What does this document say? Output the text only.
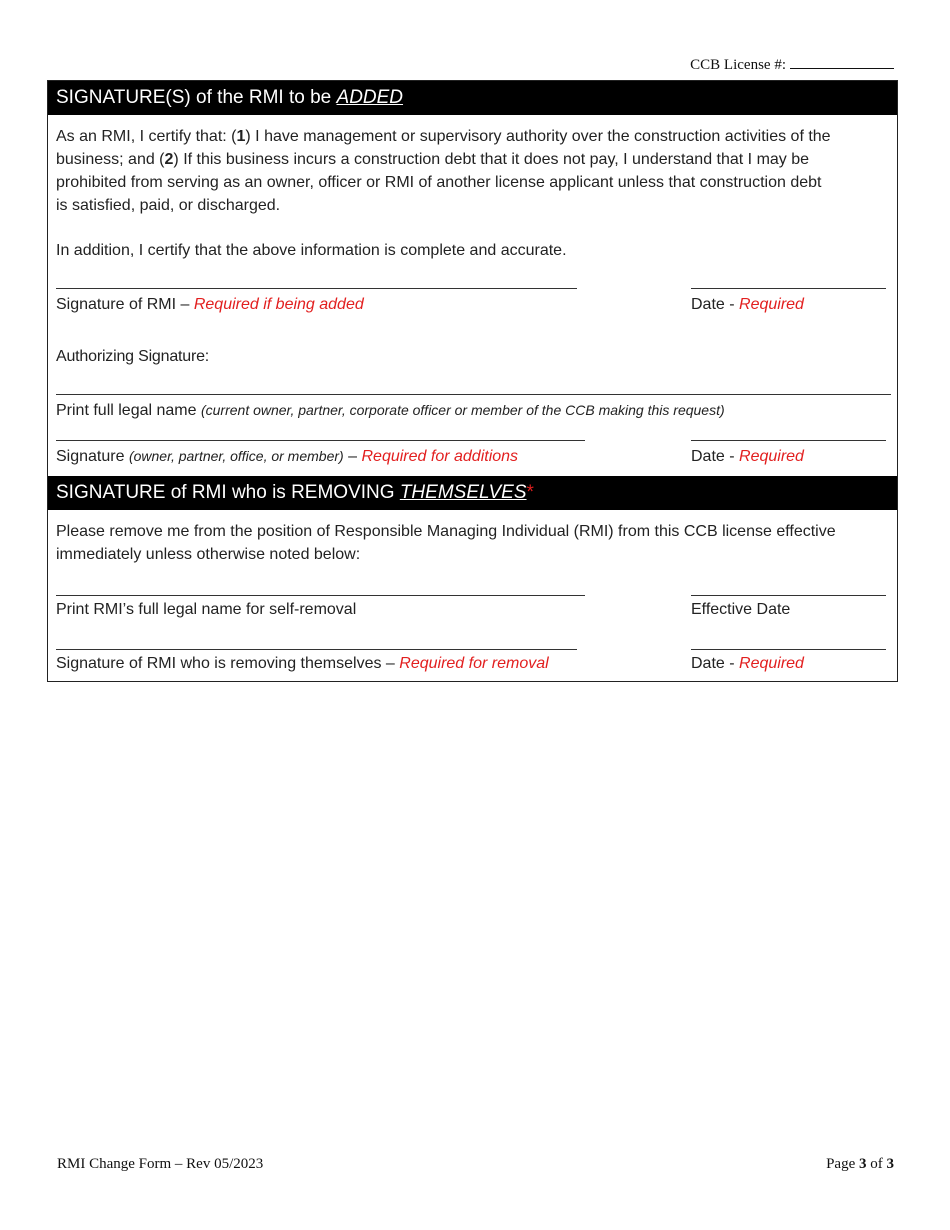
CCB License #:
SIGNATURE(S) of the RMI to be ADDED
As an RMI, I certify that: (1) I have management or supervisory authority over the construction activities of the
business; and (2) If this business incurs a construction debt that it does not pay, I understand that I may be
prohibited from serving as an owner, officer or RMI of another license applicant unless that construction debt
is satisfied, paid, or discharged.
In addition, I certify that the above information is complete and accurate.
Signature of RMI – Required if being added	Date - Required
Authorizing Signature:
Print full legal name (current owner, partner, corporate officer or member of the CCB making this request)
Signature (owner, partner, office, or member) – Required for additions	Date - Required
SIGNATURE of RMI who is REMOVING THEMSELVES*
Please remove me from the position of Responsible Managing Individual (RMI) from this CCB license effective
immediately unless otherwise noted below:
Print RMI’s full legal name for self-removal	Effective Date
Signature of RMI who is removing themselves – Required for removal	Date - Required
RMI Change Form – Rev 05/2023	Page 3 of 3
